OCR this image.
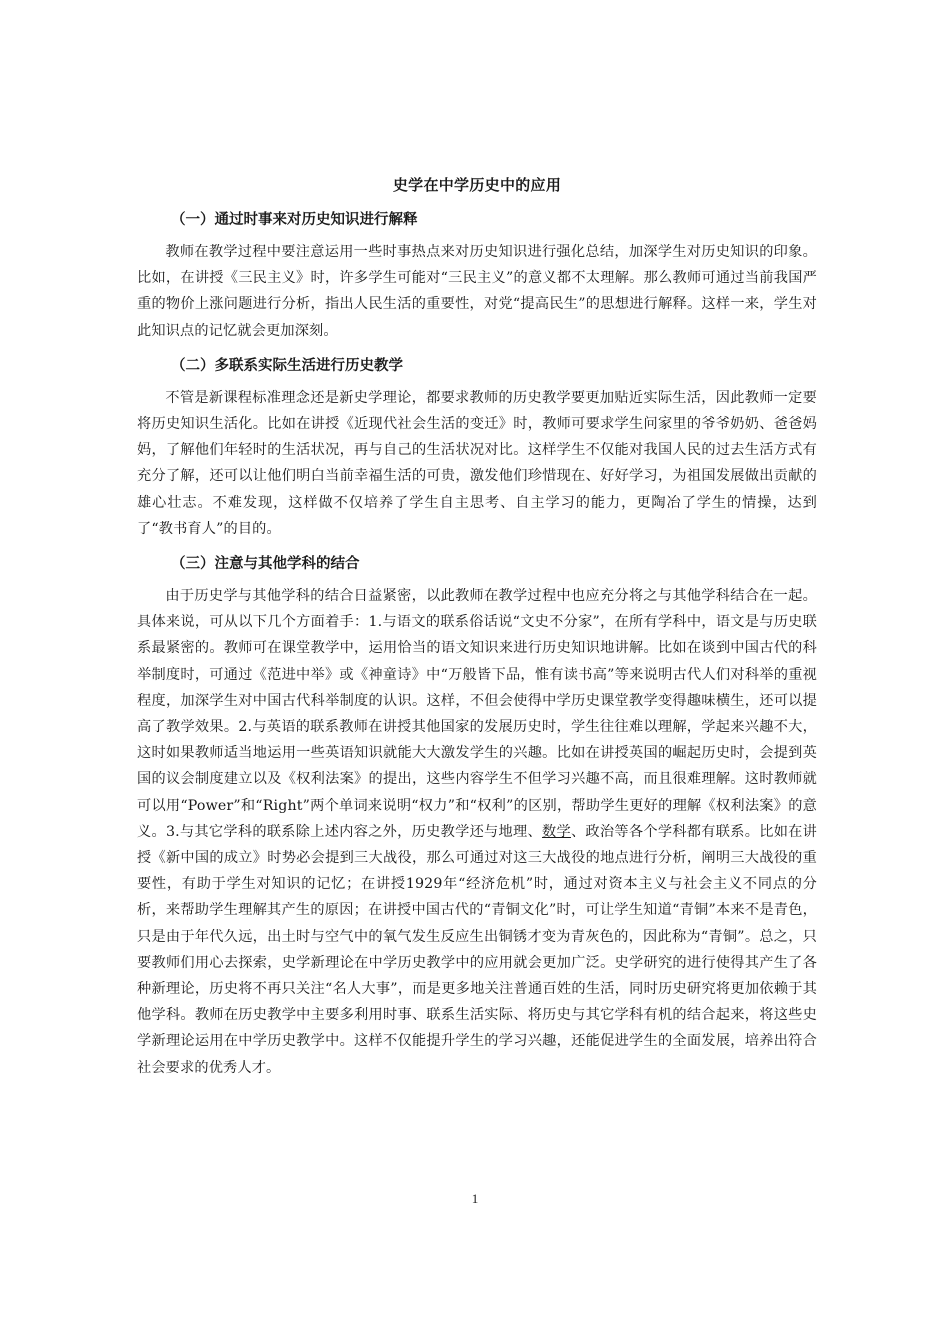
史学在中学历史中的应用
（一）通过时事来对历史知识进行解释

教师在教学过程中要注意运用一些时事热点来对历史知识进行强化总结，加深学生对历史知识的印象。比如，在讲授《三民主义》时，许多学生可能对“三民主义”的意义都不太理解。那么教师可通过当前我国严重的物价上涨问题进行分析，指出人民生活的重要性，对党“提高民生”的思想进行解释。这样一来，学生对此知识点的记忆就会更加深刻。

（二）多联系实际生活进行历史教学

不管是新课程标准理念还是新史学理论，都要求教师的历史教学要更加贴近实际生活，因此教师一定要将历史知识生活化。比如在讲授《近现代社会生活的变迁》时，教师可要求学生问家里的爷爷奶奶、爸爸妈妈，了解他们年轻时的生活状况，再与自己的生活状况对比。这样学生不仅能对我国人民的过去生活方式有充分了解，还可以让他们明白当前幸福生活的可贵，激发他们珍惜现在、好好学习，为祖国发展做出贡献的雄心壮志。不难发现，这样做不仅培养了学生自主思考、自主学习的能力，更陶冶了学生的情操，达到了“教书育人”的目的。

（三）注意与其他学科的结合

由于历史学与其他学科的结合日益紧密，以此教师在教学过程中也应充分将之与其他学科结合在一起。具体来说，可从以下几个方面着手：1.与语文的联系俗话说“文史不分家”，在所有学科中，语文是与历史联系最紧密的。教师可在课堂教学中，运用恰当的语文知识来进行历史知识地讲解。比如在谈到中国古代的科举制度时，可通过《范进中举》或《神童诗》中“万般皆下品，惟有读书高”等来说明古代人们对科举的重视程度，加深学生对中国古代科举制度的认识。这样，不但会使得中学历史课堂教学变得趣味横生，还可以提高了教学效果。2.与英语的联系教师在讲授其他国家的发展历史时，学生往往难以理解，学起来兴趣不大，这时如果教师适当地运用一些英语知识就能大大激发学生的兴趣。比如在讲授英国的崛起历史时，会提到英国的议会制度建立以及《权利法案》的提出，这些内容学生不但学习兴趣不高，而且很难理解。这时教师就可以用“Power”和“Right”两个单词来说明“权力”和“权利”的区别，帮助学生更好的理解《权利法案》的意义。3.与其它学科的联系除上述内容之外，历史教学还与地理、数学、政治等各个学科都有联系。比如在讲授《新中国的成立》时势必会提到三大战役，那么可通过对这三大战役的地点进行分析，阐明三大战役的重要性，有助于学生对知识的记忆；在讲授1929年“经济危机”时，通过对资本主义与社会主义不同点的分析，来帮助学生理解其产生的原因；在讲授中国古代的“青铜文化”时，可让学生知道“青铜”本来不是青色，只是由于年代久远，出土时与空气中的氧气发生反应生出铜锈才变为青灰色的，因此称为“青铜”。总之，只要教师们用心去探索，史学新理论在中学历史教学中的应用就会更加广泛。史学研究的进行使得其产生了各种新理论，历史将不再只关注“名人大事”，而是更多地关注普通百姓的生活，同时历史研究将更加依赖于其他学科。教师在历史教学中主要多利用时事、联系生活实际、将历史与其它学科有机的结合起来，将这些史学新理论运用在中学历史教学中。这样不仅能提升学生的学习兴趣，还能促进学生的全面发展，培养出符合社会要求的优秀人才。

1
